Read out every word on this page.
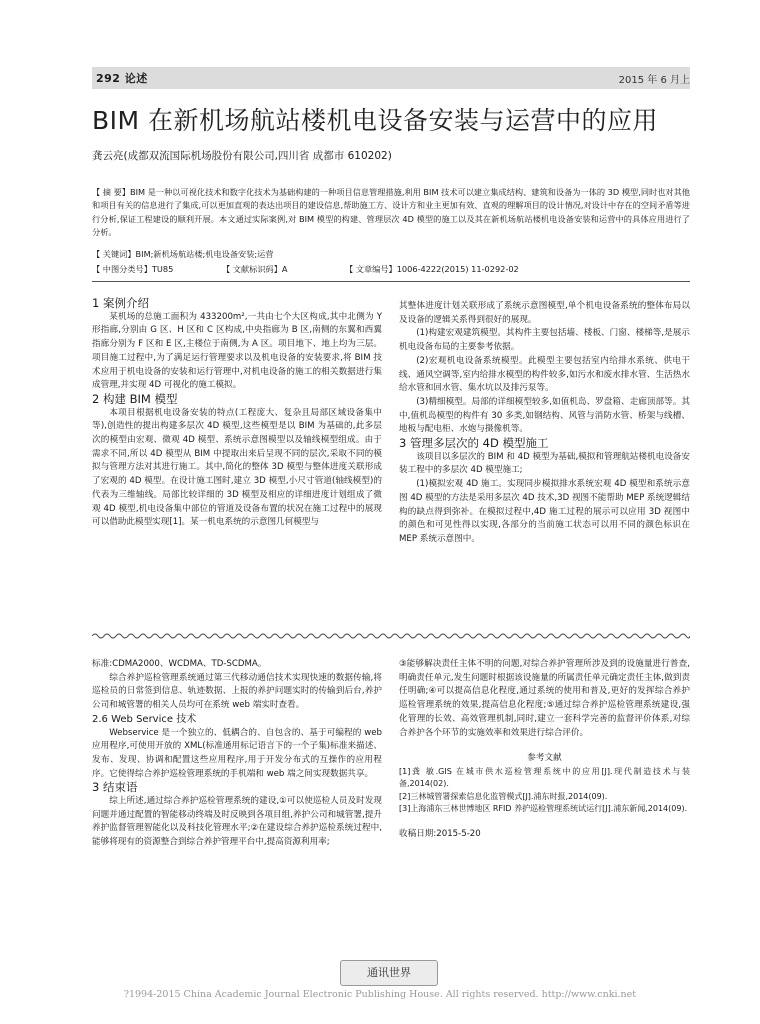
292 论述	2015 年 6 月上
BIM 在新机场航站楼机电设备安装与运营中的应用
龚云亮(成都双流国际机场股份有限公司,四川省 成都市 610202)
【 摘 要】BIM 是一种以可视化技术和数字化技术为基础构建的一种项目信息管理措施,利用 BIM 技术可以建立集成结构、建筑和设备为一体的 3D 模型,同时也对其他和项目有关的信息进行了集成,可以更加直观的表达出项目的建设信息,帮助施工方、设计方和业主更加有效、直观的理解项目的设计情况,对设计中存在的空间矛盾等进行分析,保证工程建设的顺利开展。本文通过实际案例,对 BIM 模型的构建、管理层次 4D 模型的施工以及其在新机场航站楼机电设备安装和运营中的具体应用进行了分析。
【 关键词】BIM;新机场航站楼;机电设备安装;运营
【 中图分类号】TU85	【 文献标识码】A	【 文章编号】1006-4222(2015) 11-0292-02

1 案例介绍

某机场的总施工面积为 433200m²,一共由七个大区构成,其中北侧为 Y 形指廊,分别由 G 区、H 区和 C 区构成,中央指廊为 B 区,南侧的东翼和西翼指廊分别为 F 区和 E 区,主楼位于南侧,为 A 区。项目地下、地上均为三层。项目施工过程中,为了满足运行管理要求以及机电设备的安装要求,将 BIM 技术应用于机电设备的安装和运行管理中,对机电设备的施工的相关数据进行集成管理,并实现 4D 可视化的施工模拟。

2 构建 BIM 模型

本项目根据机电设备安装的特点(工程庞大、复杂且局部区域设备集中等),创造性的提出构建多层次 4D 模型,这些模型是以 BIM 为基础的,此多层次的模型由宏观、微观 4D 模型、系统示意图模型以及轴线模型组成。由于需求不同,所以 4D 模型从 BIM 中提取出来后呈现不同的层次,采取不同的模拟与管理方法对其进行施工。其中,简化的整体 3D 模型与整体进度关联形成了宏观的 4D 模型。在设计施工图时,建立 3D 模型,小尺寸管道(轴线模型)的代表为三维轴线。局部比较详细的 3D 模型及相应的详细进度计划组成了微观 4D 模型,机电设备集中部位的管道及设备布置的状况在施工过程中的展现可以借助此模型实现[1]。某一机电系统的示意图几何模型与

其整体进度计划关联形成了系统示意图模型,单个机电设备系统的整体布局以及设备的逻辑关系得到很好的展现。

(1)构建宏观建筑模型。其构件主要包括墙、楼板、门窗、楼梯等,是展示机电设备布局的主要参考依据。

(2)宏观机电设备系统模型。此模型主要包括室内给排水系统、供电干线、通风空调等,室内给排水模型的构件较多,如污水和废水排水管、生活热水给水管和回水管、集水坑以及排污泵等。

(3)精细模型。局部的详细模型较多,如值机岛、罗盘箱、走廊顶部等。其中,值机岛模型的构件有 30 多类,如钢结构、风管与消防水管、桥架与线槽、地板与配电柜、水炮与摄像机等。

3 管理多层次的 4D 模型施工

该项目以多层次的 BIM 和 4D 模型为基础,模拟和管理航站楼机电设备安装工程中的多层次 4D 模型施工;

(1)模拟宏观 4D 施工。实现同步模拟排水系统宏观 4D 模型和系统示意图 4D 模型的方法是采用多层次 4D 技术,3D 视图不能帮助 MEP 系统逻辑结构的缺点得到弥补。在模拟过程中,4D 施工过程的展示可以应用 3D 视图中的颜色和可见性得以实现,各部分的当前施工状态可以用不同的颜色标识在 MEP 系统示意图中。

标准:CDMA2000、WCDMA、TD-SCDMA。

综合养护巡检管理系统通过第三代移动通信技术实现快速的数据传输,将巡检员的日常签到信息、轨迹数据、上报的养护问题实时的传输到后台,养护公司和城管署的相关人员均可在系统 web 端实时查看。

2.6 Web Service 技术

Webservice 是一个独立的、低耦合的、自包含的、基于可编程的 web 应用程序,可使用开放的 XML(标准通用标记语言下的一个子集)标准来描述、发布、发现、协调和配置这些应用程序,用于开发分布式的互操作的应用程序。它使得综合养护巡检管理系统的手机端和 web 端之间实现数据共享。

3 结束语

综上所述,通过综合养护巡检管理系统的建设,①可以使巡检人员及时发现问题并通过配置的智能移动终端及时反映到各项目组,养护公司和城管署,提升养护监督管理智能化以及科技化管理水平;②在建设综合养护巡检系统过程中,能够将现有的资源整合到综合养护管理平台中,提高资源利用率;

③能够解决责任主体不明的问题,对综合养护管理所涉及到的设施量进行普查,明确责任单元,发生问题时根据该设施量的所属责任单元确定责任主体,做到责任明确;④可以提高信息化程度,通过系统的使用和普及,更好的发挥综合养护巡检管理系统的效果,提高信息化程度;⑤通过综合养护巡检管理系统建设,强化管理的长效、高效管理机制,同时,建立一套科学完善的监督评价体系,对综合养护各个环节的实施效率和效果进行综合评价。

参考文献

[1]龚 敏.GIS 在城市供水巡检管理系统中的应用[J].现代制造技术与装备,2014(02).

[2]三林城管署探索信息化监管模式[J].浦东时报,2014(09).

[3]上海浦东三林世博地区 RFID 养护巡检管理系统试运行[J].浦东新闻,2014(09).

收稿日期:2015-5-20

通讯世界
?1994-2015 China Academic Journal Electronic Publishing House. All rights reserved. http://www.cnki.net
